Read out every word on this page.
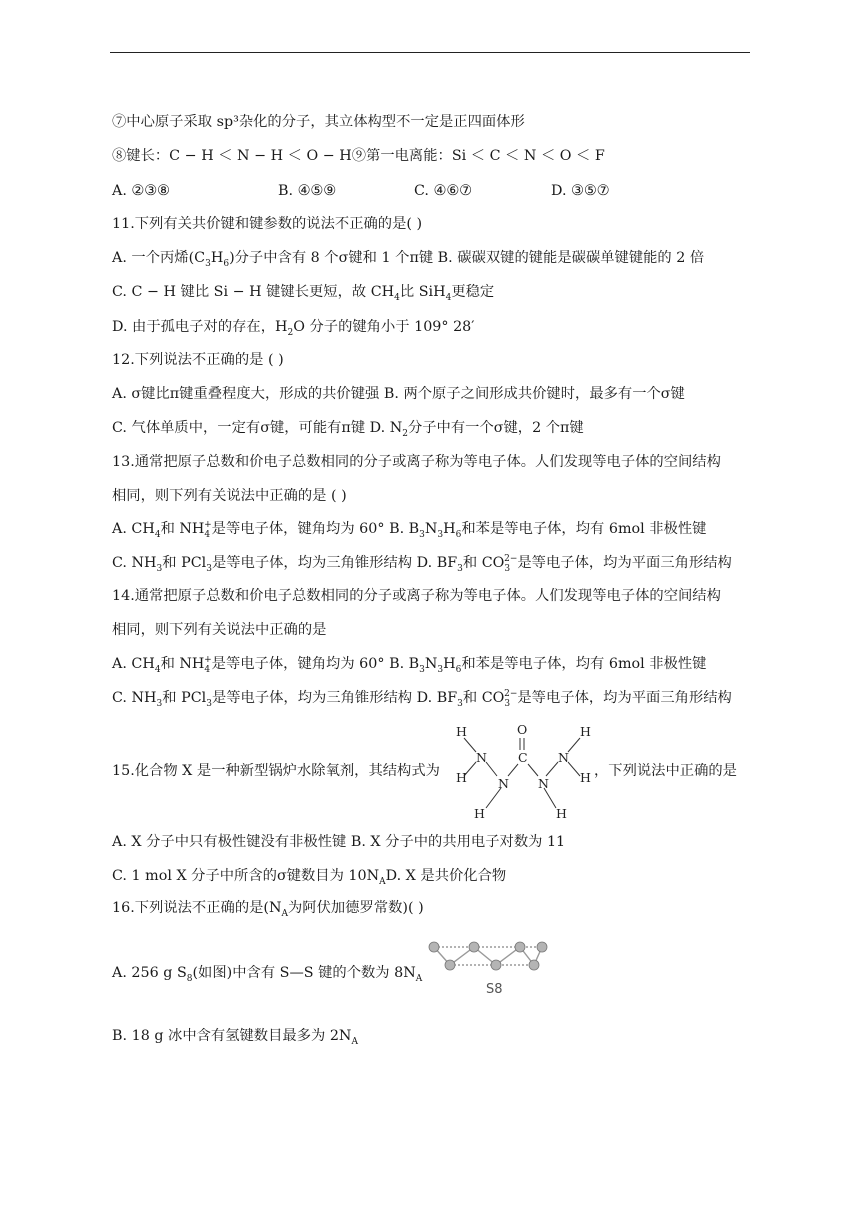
⑦中心原子采取 sp³杂化的分子，其立体构型不一定是正四面体形
⑧键长：C − H ＜ N − H ＜ O − H⑨第一电离能：Si ＜ C ＜ N ＜ O ＜ F
A. ②③⑧	B. ④⑤⑨	C. ④⑥⑦	D. ③⑤⑦
11.下列有关共价键和键参数的说法不正确的是( )
A. 一个丙烯$(C_3H_6)$分子中含有 8 个σ键和 1 个π键 B. 碳碳双键的键能是碳碳单键键能的 2 倍
C. C − H 键比 Si − H 键键长更短，故 $CH_4$比 SiH$_4$更稳定
D. 由于孤电子对的存在，$H_2O$ 分子的键角小于 109° 28′
12.下列说法不正确的是 ( )
A. σ键比π键重叠程度大，形成的共价键强 B. 两个原子之间形成共价键时，最多有一个σ键
C. 气体单质中，一定有σ键，可能有π键 D. $N_2$分子中有一个σ键，2 个π键
13.通常把原子总数和价电子总数相同的分子或离子称为等电子体。人们发现等电子体的空间结构
相同，则下列有关说法中正确的是 ( )
A. $CH_4$和 $NH_4^+$是等电子体，键角均为 60° B. $B_3N_3H_6$和苯是等电子体，均有 6mol 非极性键
C. $NH_3$和 PCl$_3$是等电子体，均为三角锥形结构 D. $BF_3$和 $CO_3^{2-}$是等电子体，均为平面三角形结构
14.通常把原子总数和价电子总数相同的分子或离子称为等电子体。人们发现等电子体的空间结构
相同，则下列有关说法中正确的是
A. $CH_4$和 $NH_4^+$是等电子体，键角均为 60° B. $B_3N_3H_6$和苯是等电子体，均有 6mol 非极性键
C. $NH_3$和 PCl$_3$是等电子体，均为三角锥形结构 D. $BF_3$和 $CO_3^{2-}$是等电子体，均为平面三角形结构
15.化合物 X 是一种新型锅炉水除氧剂，其结构式为	，下列说法中正确的是
H
H
N
O
C
N
H	H
N
N
H
H
A. X 分子中只有极性键没有非极性键 B. X 分子中的共用电子对数为 11
C. 1 mol X 分子中所含的σ键数目为 $10N_AD$. X 是共价化合物
16.下列说法不正确的是($N_A$为阿伏加德罗常数)( )
A. 256 g $S_8$(如图)中含有 S—S 键的个数为 $8N_A$
S8
B. 18 g 冰中含有氢键数目最多为 $2N_A$
